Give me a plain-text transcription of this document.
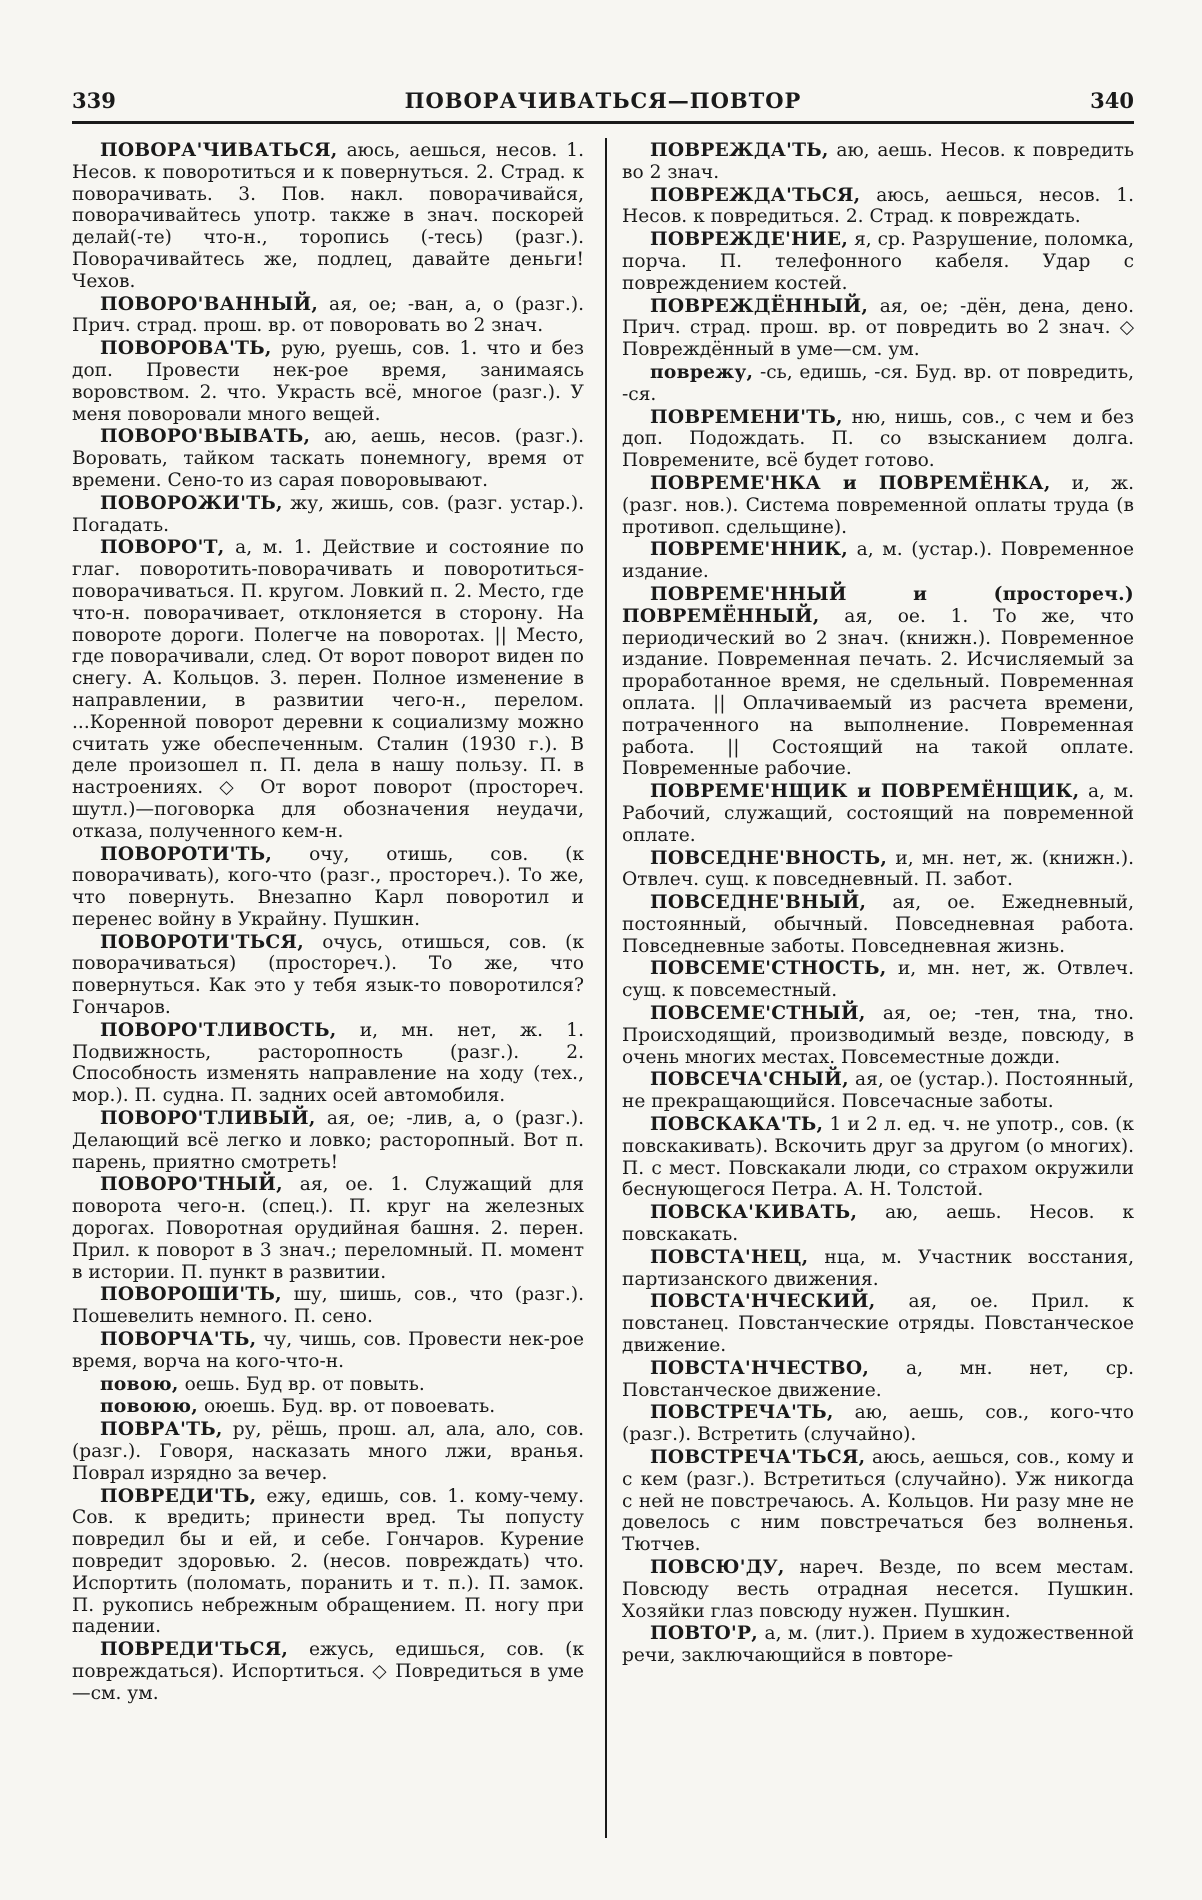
339	ПОВОРАЧИВАТЬСЯ—ПОВТОР	340

ПОВОРА'ЧИВАТЬСЯ, аюсь, аешься, несов. 1. Несов. к повоpотиться и к повернуться. 2. Страд. к поворачивать. 3. Пов. накл. поворачивайся, поворачивайтесь употр. также в знач. поскорей делай(-те) что-н., торопись (-тесь) (разг.). Поворачивайтесь же, подлец, давайте деньги! Чехов.

ПОВОРО'ВАННЫЙ, ая, ое; -ван, а, о (разг.). Прич. страд. прош. вр. от поворовать во 2 знач.

ПОВОРОВА'ТЬ, рую, руешь, сов. 1. что и без доп. Провести нек-рое время, занимаясь воровством. 2. что. Украсть всё, многое (разг.). У меня поворовали много вещей.

ПОВОРО'ВЫВАТЬ, аю, аешь, несов. (разг.). Воровать, тайком таскать понемногу, время от времени. Сено-то из сарая поворовывают.

ПОВОРОЖИ'ТЬ, жу, жишь, сов. (разг. устар.). Погадать.

ПОВОРО'Т, а, м. 1. Действие и состояние по глаг. повоpотить-поворачивать и повоpотиться-поворачиваться. П. кругом. Ловкий п. 2. Место, где что-н. поворачивает, отклоняется в сторону. На повороте дороги. Полегче на поворотах. || Место, где поворачивали, след. От ворот поворот виден по снегу. А. Кольцов. 3. перен. Полное изменение в направлении, в развитии чего-н., перелом. ...Коренной поворот деревни к социализму можно считать уже обеспеченным. Сталин (1930 г.). В деле произошел п. П. дела в нашу пользу. П. в настроениях. ◇ От ворот поворот (простореч. шутл.)—поговорка для обозначения неудачи, отказа, полученного кем-н.

ПОВОРОТИ'ТЬ, очу, отишь, сов. (к поворачивать), кого-что (разг., простореч.). То же, что повернуть. Внезапно Карл поворотил и перенес войну в Украйну. Пушкин.

ПОВОРОТИ'ТЬСЯ, очусь, отишься, сов. (к поворачиваться) (простореч.). То же, что повернуться. Как это у тебя язык-то поворотился? Гончаров.

ПОВОРО'ТЛИВОСТЬ, и, мн. нет, ж. 1. Подвижность, расторопность (разг.). 2. Способность изменять направление на ходу (тех., мор.). П. судна. П. задних осей автомобиля.

ПОВОРО'ТЛИВЫЙ, ая, ое; -лив, а, о (разг.). Делающий всё легко и ловко; расторопный. Вот п. парень, приятно смотреть!

ПОВОРО'ТНЫЙ, ая, ое. 1. Служащий для поворота чего-н. (спец.). П. круг на железных дорогах. Поворотная орудийная башня. 2. перен. Прил. к поворот в 3 знач.; переломный. П. момент в истории. П. пункт в развитии.

ПОВОРОШИ'ТЬ, шу, шишь, сов., что (разг.). Пошевелить немного. П. сено.

ПОВОРЧА'ТЬ, чу, чишь, сов. Провести нек-рое время, ворча на кого-что-н.

повою, оешь. Буд вр. от повыть.

повоюю, оюешь. Буд. вр. от повоевать.

ПОВРА'ТЬ, ру, рёшь, прош. ал, ала, ало, сов. (разг.). Говоря, насказать много лжи, вранья. Поврал изрядно за вечер.

ПОВРЕДИ'ТЬ, ежу, едишь, сов. 1. кому-чему. Сов. к вредить; принести вред. Ты попусту повредил бы и ей, и себе. Гончаров. Курение повредит здоровью. 2. (несов. повреждать) что. Испортить (поломать, поранить и т. п.). П. замок. П. рукопись небрежным обращением. П. ногу при падении.

ПОВРЕДИ'ТЬСЯ, ежусь, едишься, сов. (к повреждаться). Испортиться. ◇ Повредиться в уме—см. ум.

ПОВРЕЖДА'ТЬ, аю, аешь. Несов. к повредить во 2 знач.

ПОВРЕЖДА'ТЬСЯ, аюсь, аешься, несов. 1. Несов. к повредиться. 2. Страд. к повреждать.

ПОВРЕЖДЕ'НИЕ, я, ср. Разрушение, поломка, порча. П. телефонного кабеля. Удар с повреждением костей.

ПОВРЕЖДЁННЫЙ, ая, ое; -дён, дена, дено. Прич. страд. прош. вр. от повредить во 2 знач. ◇ Повреждённый в уме—см. ум.

поврежу, -сь, едишь, -ся. Буд. вр. от повредить, -ся.

ПОВРЕМЕНИ'ТЬ, ню, нишь, сов., с чем и без доп. Подождать. П. со взысканием долга. Повремените, всё будет готово.

ПОВРЕМЕ'НКА и ПОВРЕМЁНКА, и, ж. (разг. нов.). Система повременной оплаты труда (в противоп. сдельщине).

ПОВРЕМЕ'ННИК, а, м. (устар.). Повременное издание.

ПОВРЕМЕ'ННЫЙ и (простореч.) ПОВРЕМЁННЫЙ, ая, ое. 1. То же, что периодический во 2 знач. (книжн.). Повременное издание. Повременная печать. 2. Исчисляемый за проработанное время, не сдельный. Повременная оплата. || Оплачиваемый из расчета времени, потраченного на выполнение. Повременная работа. || Состоящий на такой оплате. Повременные рабочие.

ПОВРЕМЕ'НЩИК и ПОВРЕМЁНЩИК, а, м. Рабочий, служащий, состоящий на повременной оплате.

ПОВСЕДНЕ'ВНОСТЬ, и, мн. нет, ж. (книжн.). Отвлеч. сущ. к повседневный. П. забот.

ПОВСЕДНЕ'ВНЫЙ, ая, ое. Ежедневный, постоянный, обычный. Повседневная работа. Повседневные заботы. Повседневная жизнь.

ПОВСЕМЕ'СТНОСТЬ, и, мн. нет, ж. Отвлеч. сущ. к повсеместный.

ПОВСЕМЕ'СТНЫЙ, ая, ое; -тен, тна, тно. Происходящий, производимый везде, повсюду, в очень многих местах. Повсеместные дожди.

ПОВСЕЧА'СНЫЙ, ая, ое (устар.). Постоянный, не прекращающийся. Повсечасные заботы.

ПОВСКАКА'ТЬ, 1 и 2 л. ед. ч. не употр., сов. (к повскакивать). Вскочить друг за другом (о многих). П. с мест. Повскакали люди, со страхом окружили беснующегося Петра. А. Н. Толстой.

ПОВСКА'КИВАТЬ, аю, аешь. Несов. к повскакать.

ПОВСТА'НЕЦ, нца, м. Участник восстания, партизанского движения.

ПОВСТА'НЧЕСКИЙ, ая, ое. Прил. к повстанец. Повстанческие отряды. Повстанческое движение.

ПОВСТА'НЧЕСТВО, а, мн. нет, ср. Повстанческое движение.

ПОВСТРЕЧА'ТЬ, аю, аешь, сов., кого-что (разг.). Встретить (случайно).

ПОВСТРЕЧА'ТЬСЯ, аюсь, аешься, сов., кому и с кем (разг.). Встретиться (случайно). Уж никогда с ней не повстречаюсь. А. Кольцов. Ни разу мне не довелось с ним повстречаться без волненья. Тютчев.

ПОВСЮ'ДУ, нареч. Везде, по всем местам. Повсюду весть отрадная несется. Пушкин. Хозяйки глаз повсюду нужен. Пушкин.

ПОВТО'Р, а, м. (лит.). Прием в художественной речи, заключающийся в повторе-
